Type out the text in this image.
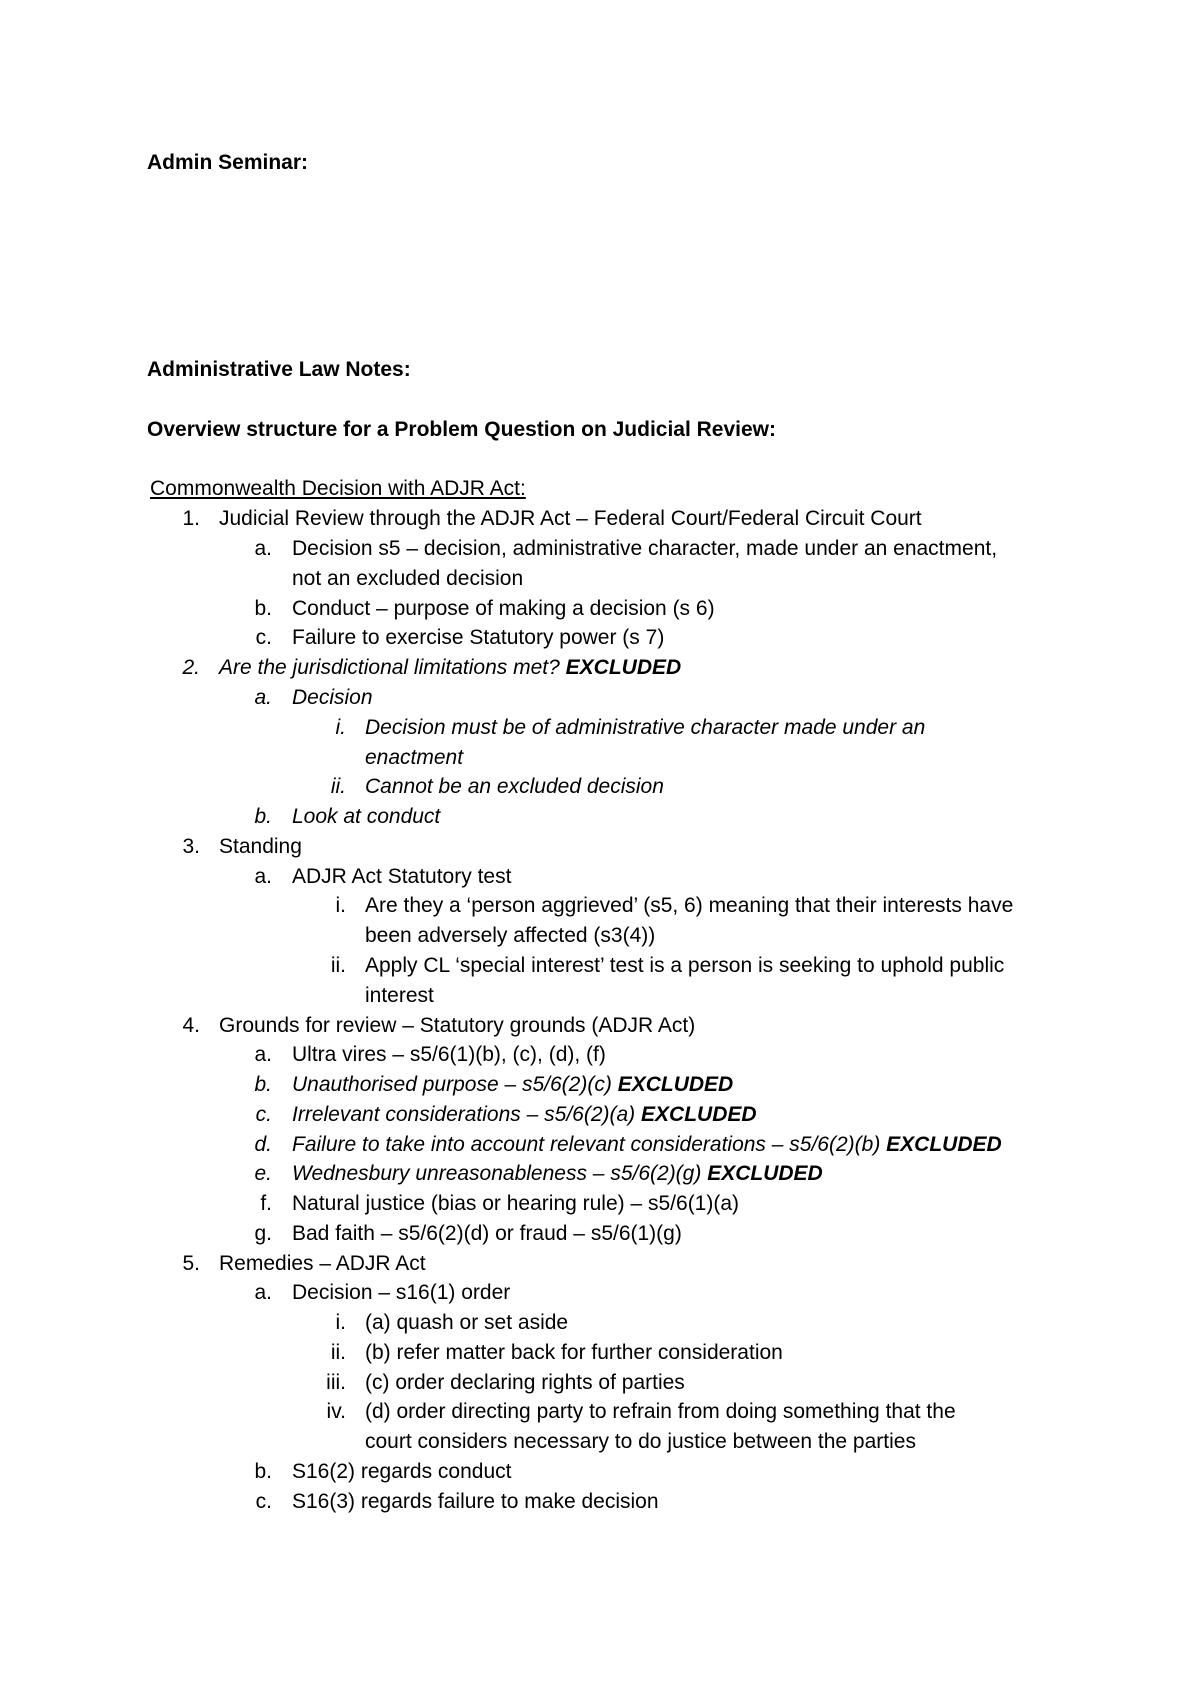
Admin Seminar:
Administrative Law Notes:
Overview structure for a Problem Question on Judicial Review:
Commonwealth Decision with ADJR Act:
1. Judicial Review through the ADJR Act – Federal Court/Federal Circuit Court
a. Decision s5 – decision, administrative character, made under an enactment,
not an excluded decision
b. Conduct – purpose of making a decision (s 6)
c. Failure to exercise Statutory power (s 7)
2. Are the jurisdictional limitations met? EXCLUDED
a. Decision
i. Decision must be of administrative character made under an
enactment
ii. Cannot be an excluded decision
b. Look at conduct
3. Standing
a. ADJR Act Statutory test
i. Are they a ‘person aggrieved’ (s5, 6) meaning that their interests have
been adversely affected (s3(4))
ii. Apply CL ‘special interest’ test is a person is seeking to uphold public
interest
4. Grounds for review – Statutory grounds (ADJR Act)
a. Ultra vires – s5/6(1)(b), (c), (d), (f)
b. Unauthorised purpose – s5/6(2)(c) EXCLUDED
c. Irrelevant considerations – s5/6(2)(a) EXCLUDED
d. Failure to take into account relevant considerations – s5/6(2)(b) EXCLUDED
e. Wednesbury unreasonableness – s5/6(2)(g) EXCLUDED
f. Natural justice (bias or hearing rule) – s5/6(1)(a)
g. Bad faith – s5/6(2)(d) or fraud – s5/6(1)(g)
5. Remedies – ADJR Act
a. Decision – s16(1) order
i. (a) quash or set aside
ii. (b) refer matter back for further consideration
iii. (c) order declaring rights of parties
iv. (d) order directing party to refrain from doing something that the
court considers necessary to do justice between the parties
b. S16(2) regards conduct
c. S16(3) regards failure to make decision
